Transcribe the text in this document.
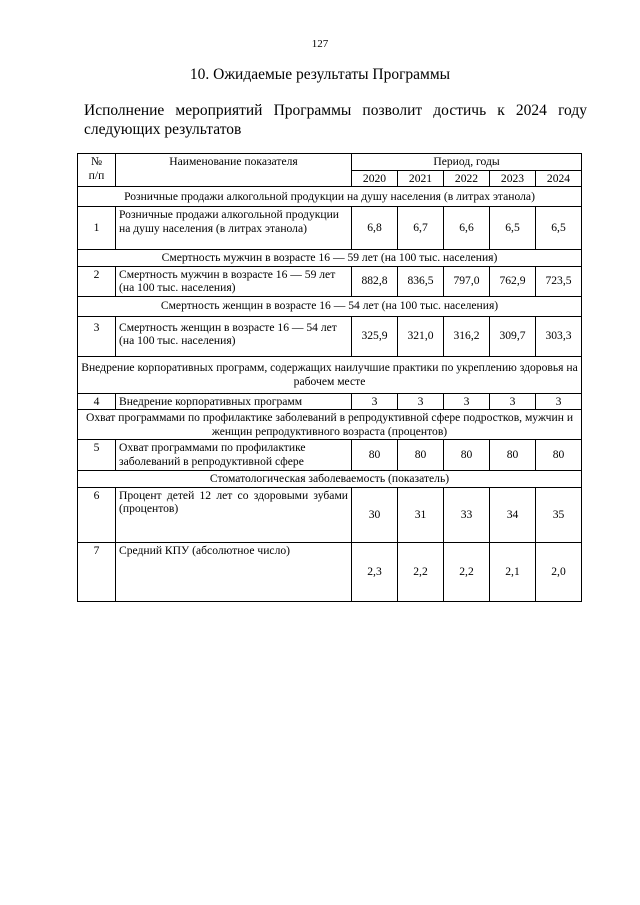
127
10. Ожидаемые результаты Программы
Исполнение мероприятий Программы позволит достичь к 2024 году следующих результатов
№
п/п	Наименование показателя	Период, годы				
		2020	2021	2022	2023	2024
Розничные продажи алкогольной продукции на душу населения (в литрах этанола)						
1	Розничные продажи алкогольной продукции на душу населения (в литрах этанола)	6,8	6,7	6,6	6,5	6,5
Смертность мужчин в возрасте 16 — 59 лет (на 100 тыс. населения)						
2	Смертность мужчин в возрасте 16 — 59 лет (на 100 тыс. населения)	882,8	836,5	797,0	762,9	723,5
Смертность женщин в возрасте 16 — 54 лет (на 100 тыс. населения)						
3	Смертность женщин в возрасте 16 — 54 лет (на 100 тыс. населения)	325,9	321,0	316,2	309,7	303,3
Внедрение корпоративных программ, содержащих наилучшие практики по укреплению здоровья на рабочем месте						
4	Внедрение корпоративных программ	3	3	3	3	3
Охват программами по профилактике заболеваний в репродуктивной сфере подростков, мужчин и женщин репродуктивного возраста (процентов)						
5	Охват программами по профилактике заболеваний в репродуктивной сфере	80	80	80	80	80
Стоматологическая заболеваемость (показатель)						
6	Процент детей 12 лет со здоровыми зубами (процентов)	30	31	33	34	35
7	Средний КПУ (абсолютное число)	2,3	2,2	2,2	2,1	2,0
